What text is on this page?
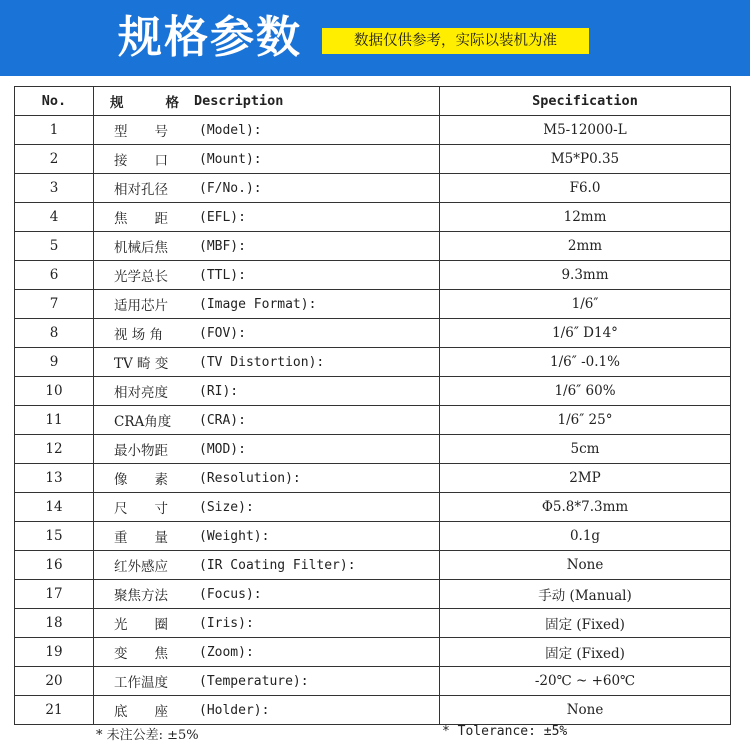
规格参数	数据仅供参考，实际以装机为准
No.	规 格 Description	Specification
1	型　　号 (Model):	M5-12000-L
2	接　　口 (Mount):	M5*P0.35
3	相对孔径 (F/No.):	F6.0
4	焦　　距 (EFL):	12mm
5	机械后焦 (MBF):	2mm
6	光学总长 (TTL):	9.3mm
7	适用芯片 (Image Format):	1/6″
8	视 场 角 (FOV):	1/6″ D14°
9	TV 畸 变 (TV Distortion):	1/6″ -0.1%
10	相对亮度 (RI):	1/6″ 60%
11	CRA角度 (CRA):	1/6″ 25°
12	最小物距 (MOD):	5cm
13	像　　素 (Resolution):	2MP
14	尺　　寸 (Size):	Φ5.8*7.3mm
15	重　　量 (Weight):	0.1g
16	红外感应 (IR Coating Filter):	None
17	聚焦方法 (Focus):	手动 (Manual)
18	光　　圈 (Iris):	固定 (Fixed)
19	变　　焦 (Zoom):	固定 (Fixed)
20	工作温度 (Temperature):	-20℃ ~ +60℃
21	底　　座 (Holder):	None
* 未注公差: ±5%	* Tolerance: ±5%
